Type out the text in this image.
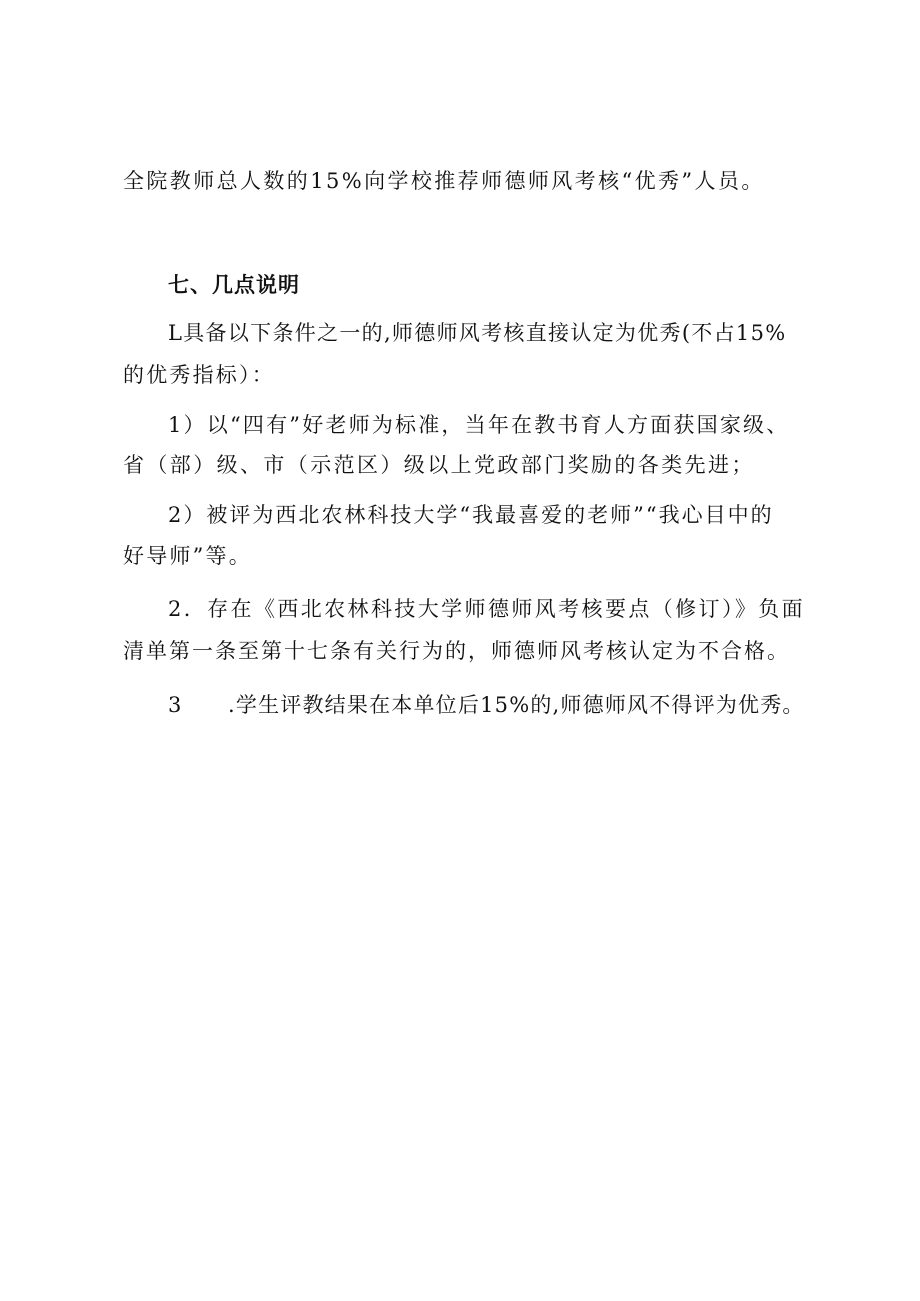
全院教师总人数的15%向学校推荐师德师风考核“优秀”人员。
七、几点说明
L具备以下条件之一的,师德师风考核直接认定为优秀(不占15%
的优秀指标）：
1）以“四有”好老师为标准，当年在教书育人方面获国家级、
省（部）级、市（示范区）级以上党政部门奖励的各类先进；
2）被评为西北农林科技大学“我最喜爱的老师”“我心目中的
好导师”等。
2．存在《西北农林科技大学师德师风考核要点（修订）》负面
清单第一条至第十七条有关行为的，师德师风考核认定为不合格。
3 .学生评教结果在本单位后15%的,师德师风不得评为优秀。
